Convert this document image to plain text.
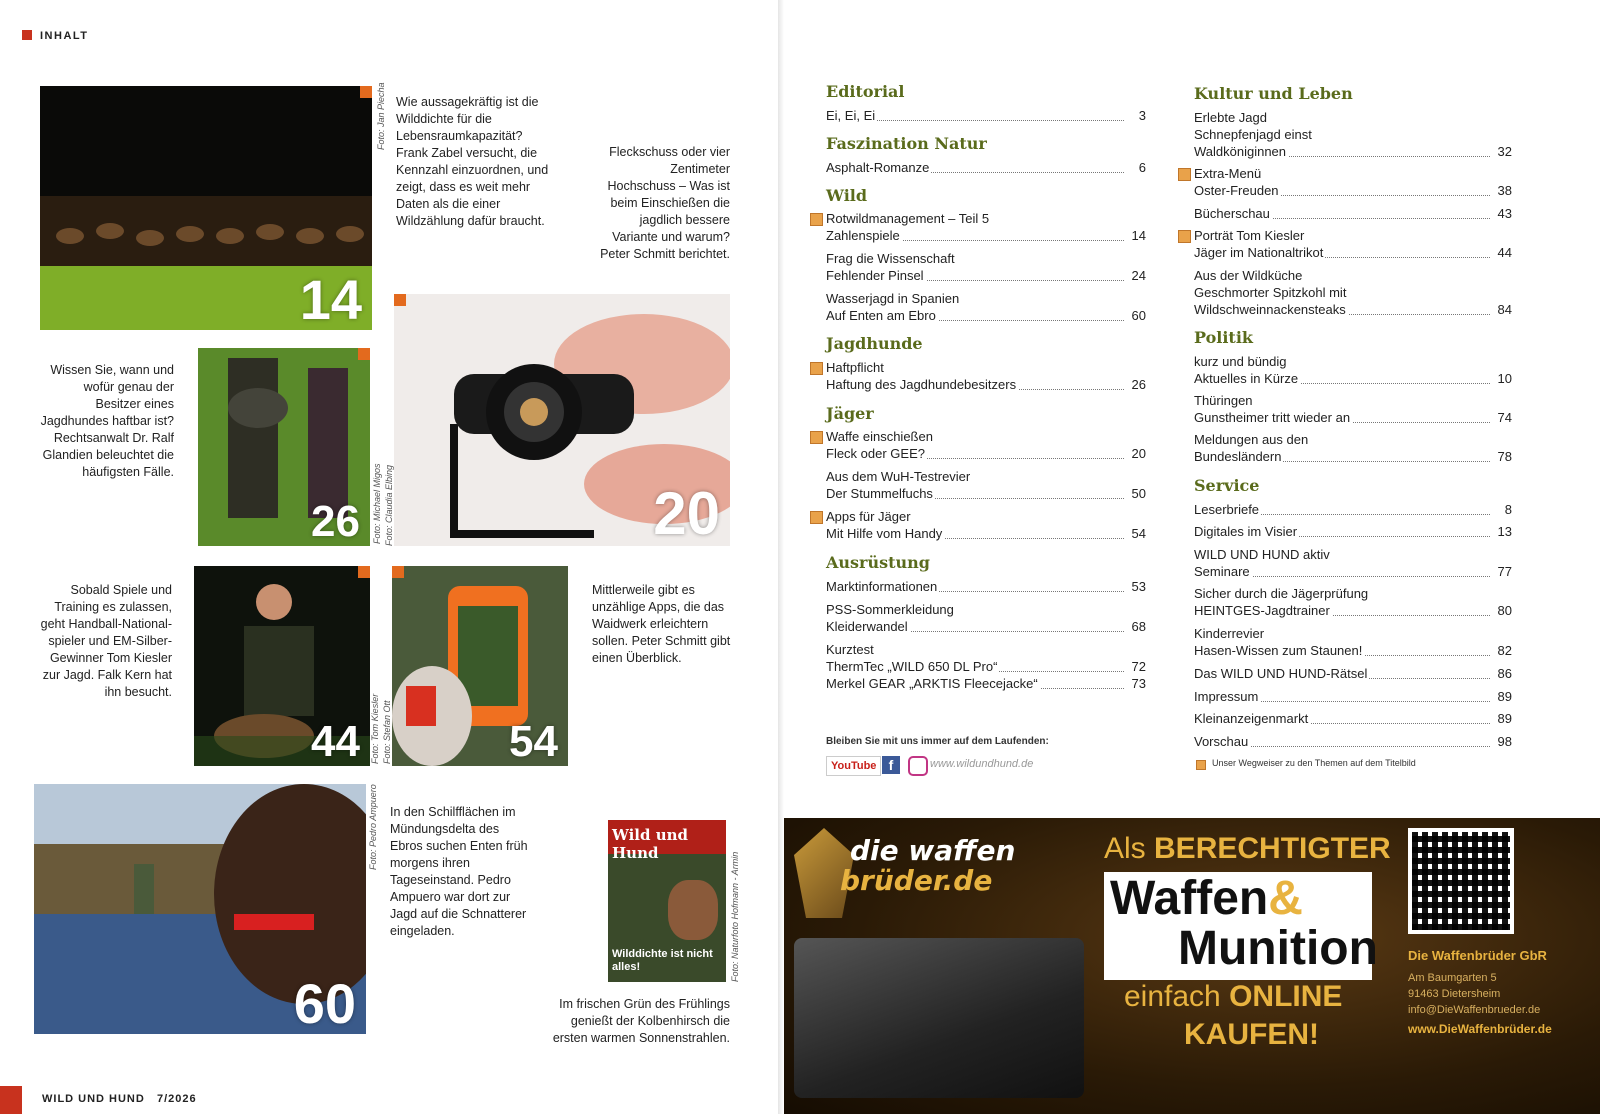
INHALT
14
Foto: Jan Piecha Wie aussagekräftig ist die Wilddichte für die Lebensraumkapazität? Frank Zabel versucht, die Kennzahl einzuordnen, und zeigt, dass es weit mehr Daten als die einer Wildzählung dafür braucht.
Fleckschuss oder vier Zentimeter Hochschuss – Was ist beim Einschießen die jagdlich bessere Variante und warum? Peter Schmitt berichtet.
Wissen Sie, wann und wofür genau der Besitzer eines Jagdhundes haftbar ist? Rechtsanwalt Dr. Ralf Glandien beleuchtet die häufigsten Fälle.
26 Foto: Michael Migos	20
Foto: Claudia Elbing
Sobald Spiele und Training es zulassen, geht Handball-National-spieler und EM-Silber-Gewinner Tom Kiesler zur Jagd. Falk Kern hat ihn besucht.
44 Foto: Tom Kiesler	54
Foto: Stefan Ott
Mittlerweile gibt es unzählige Apps, die das Waidwerk erleichtern sollen. Peter Schmitt gibt einen Überblick.
60
Foto: Pedro Ampuero In den Schilfflächen im Mündungsdelta des Ebros suchen Enten früh morgens ihren Tageseinstand. Pedro Ampuero war dort zur Jagd auf die Schnatterer eingeladen.
Wild und Hund
Wilddichte ist nicht alles!	Foto: Naturfoto Hofmann - Armin
Im frischen Grün des Frühlings genießt der Kolbenhirsch die ersten warmen Sonnenstrahlen.
WILD UND HUND 7/2026
Editorial
Ei, Ei, Ei	3
Faszination Natur
Asphalt-Romanze	6
Wild
Rotwildmanagement – Teil 5
Zahlenspiele	14
Frag die Wissenschaft
Fehlender Pinsel	24
Wasserjagd in Spanien
Auf Enten am Ebro	60
Jagdhunde
Haftpflicht
Haftung des Jagdhundebesitzers	26
Jäger
Waffe einschießen
Fleck oder GEE?	20
Aus dem WuH-Testrevier
Der Stummelfuchs	50
Apps für Jäger
Mit Hilfe vom Handy	54
Ausrüstung
Marktinformationen	53
PSS-Sommerkleidung
Kleiderwandel	68
Kurztest
ThermTec „WILD 650 DL Pro“	72
Merkel GEAR „ARKTIS Fleecejacke“	73
Bleiben Sie mit uns immer auf dem Laufenden:
YouTube f	www.wildundhund.de
Kultur und Leben
Erlebte Jagd
Schnepfenjagd einst
Waldköniginnen	32
Extra-Menü
Oster-Freuden	38
Bücherschau	43
Porträt Tom Kiesler
Jäger im Nationaltrikot	44
Aus der Wildküche
Geschmorter Spitzkohl mit
Wildschweinnackensteaks	84
Politik
kurz und bündig
Aktuelles in Kürze	10
Thüringen
Gunstheimer tritt wieder an	74
Meldungen aus den
Bundesländern	78
Service
Leserbriefe	8
Digitales im Visier	13
WILD UND HUND aktiv
Seminare	77
Sicher durch die Jägerprüfung
HEINTGES-Jagdtrainer	80
Kinderrevier
Hasen-Wissen zum Staunen!	82
Das WILD UND HUND-Rätsel	86
Impressum	89
Kleinanzeigenmarkt	89
Vorschau	98
Unser Wegweiser zu den Themen auf dem Titelbild
die waffen
brüder.de
Als BERECHTIGTER
Waffen&
Munition
einfach ONLINE
KAUFEN!
Die Waffenbrüder GbR
Am Baumgarten 5
91463 Dietersheim
info@DieWaffenbrueder.de
www.DieWaffenbrüder.de
